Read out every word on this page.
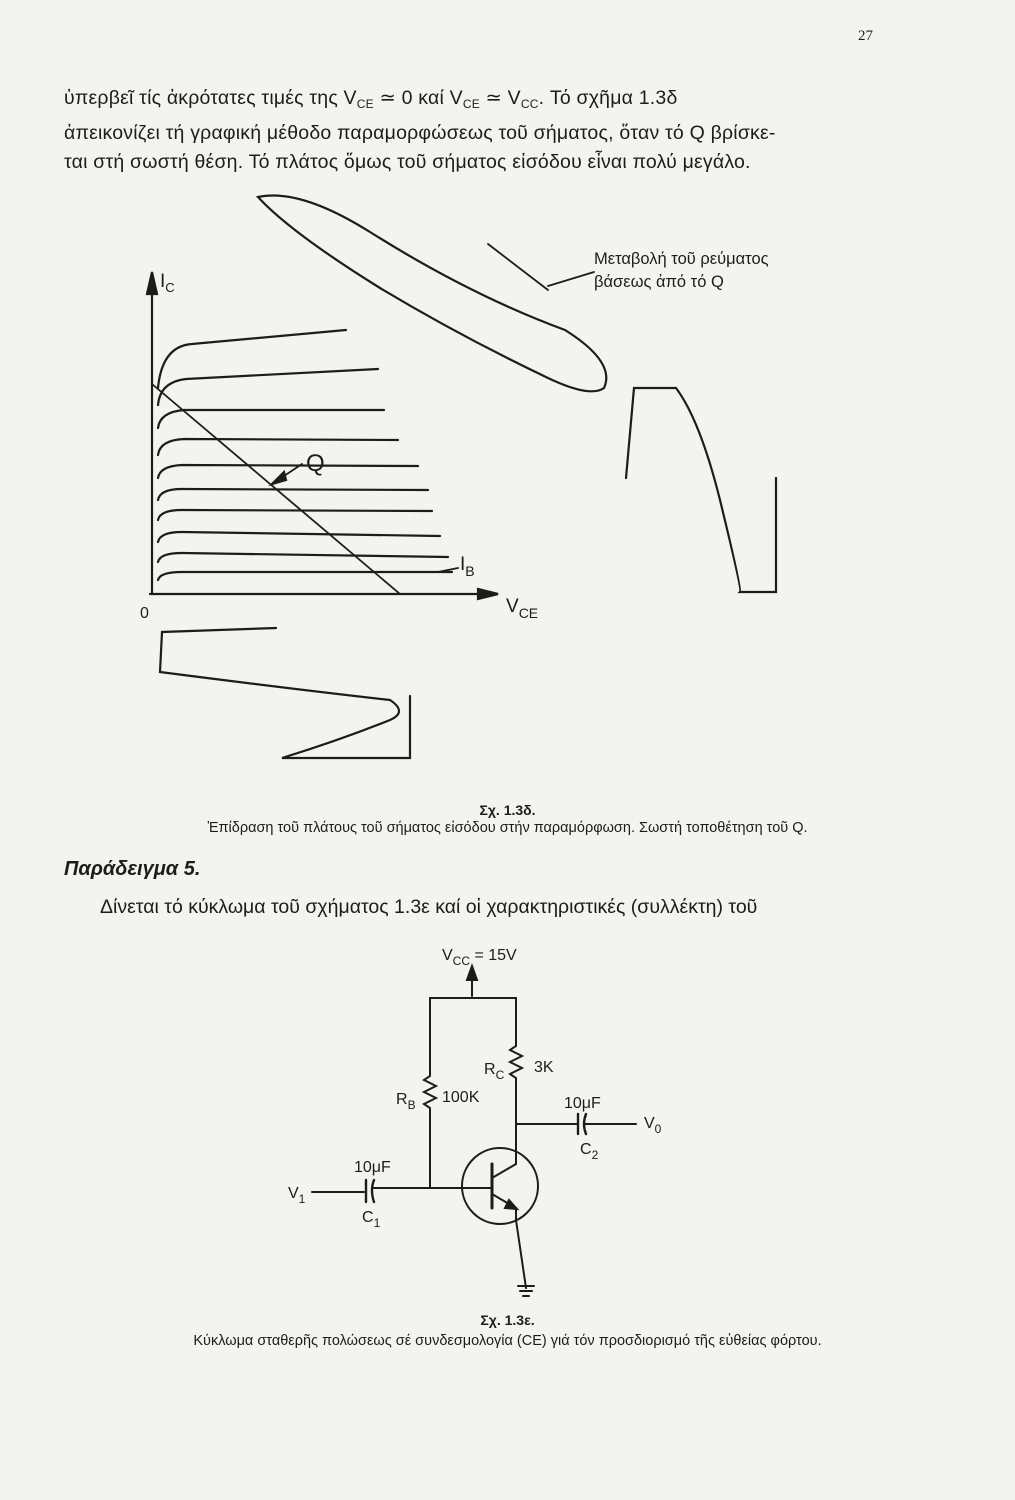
27
ὑπερβεῖ τίς ἀκρότατες τιμές της $V_{CE}$ ≃ 0 καί $V_{CE}$ ≃ $V_{CC}$. Τό σχῆμα 1.3δ
ἀπεικονίζει τή γραφική μέθοδο παραμορφώσεως τοῦ σήματος, ὅταν τό Q βρίσκε-
ται στή σωστή θέση. Τό πλάτος ὅμως τοῦ σήματος εἰσόδου εἶναι πολύ μεγάλο.
$I_C$
0
Q
$I_B$
$V_{CE}$
Μεταβολή τοῦ ρεύματος
βάσεως ἀπό τό Q
Σχ. 1.3δ.
Ἐπίδραση τοῦ πλάτους τοῦ σήματος εἰσόδου στήν παραμόρφωση. Σωστή τοποθέτηση τοῦ Q.
Παράδειγμα 5.
Δίνεται τό κύκλωμα τοῦ σχήματος 1.3ε καί οἱ χαρακτηριστικές (συλλέκτη) τοῦ
$V_{CC} = 15V$
$R_C$ 3K
$R_B$ 100K	10μF
$C_2$
$V_0$
10μF
$C_1$
$V_1$
Σχ. 1.3ε.
Κύκλωμα σταθερῆς πολώσεως σέ συνδεσμολογία (CE) γιά τόν προσδιορισμό τῆς εὐθείας φόρτου.
